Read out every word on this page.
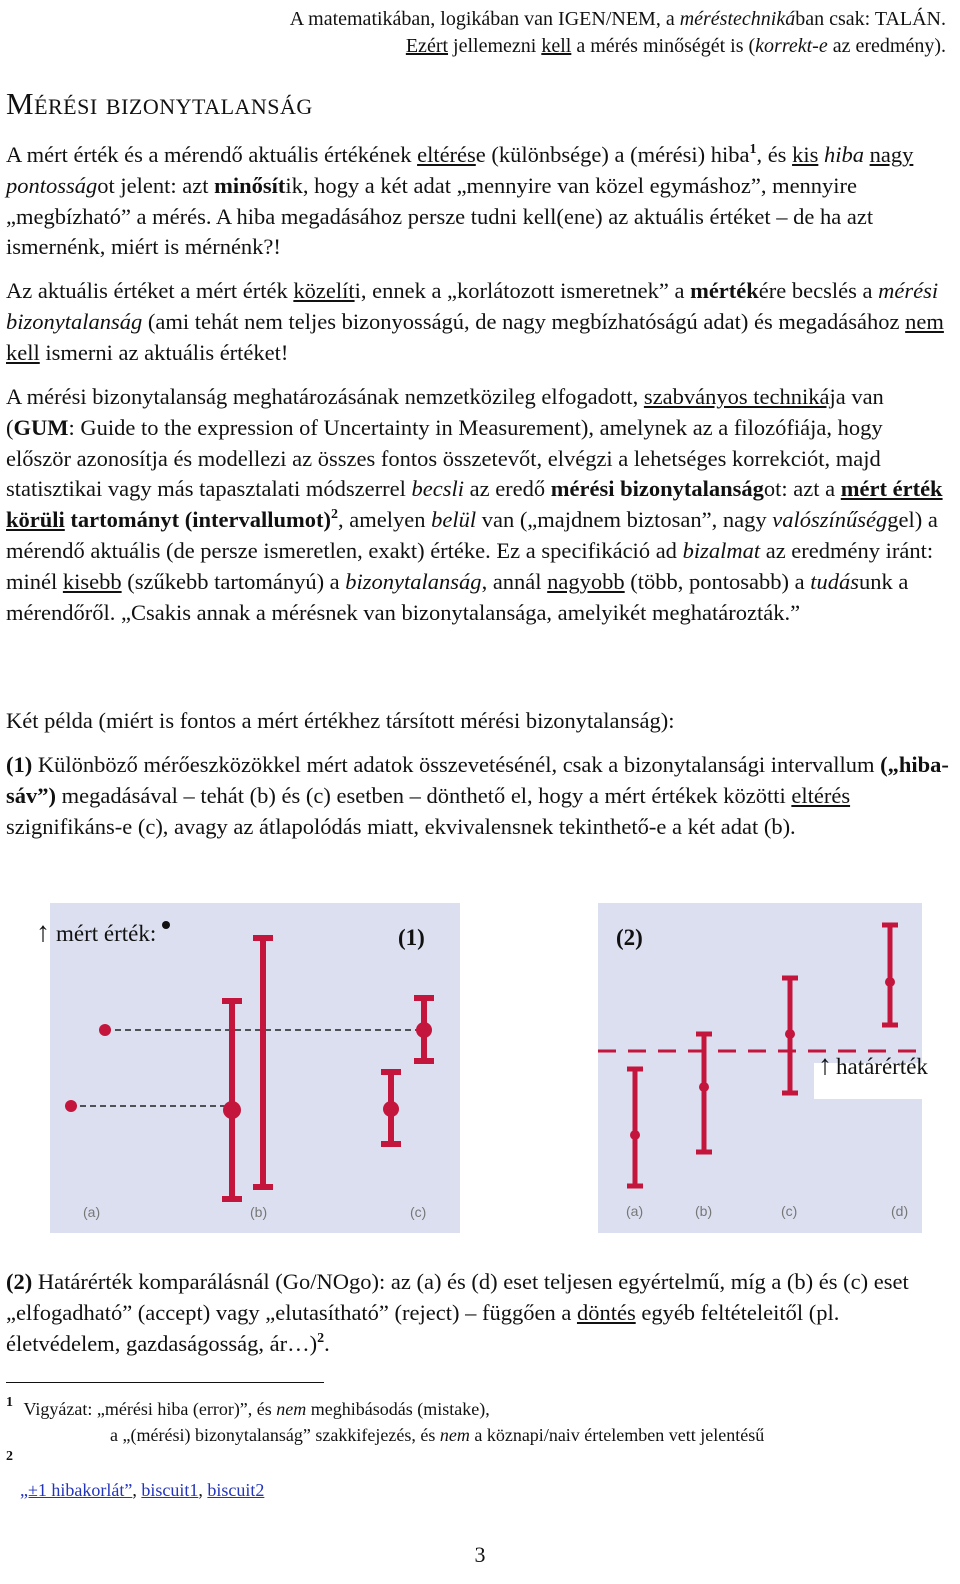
A matematikában, logikában van IGEN/NEM, a méréstechnikában csak: TALÁN.
Ezért jellemezni kell a mérés minőségét is (korrekt-e az eredmény).
Mérési bizonytalanság

A mért érték és a mérendő aktuális értékének eltérése (különbsége) a (mérési) hiba$^1$, és kis hiba nagy pontosságot jelent: azt minősítik, hogy a két adat „mennyire van közel egymáshoz”, mennyire „megbízható” a mérés. A hiba megadásához persze tudni kell(ene) az aktuális értéket – de ha azt ismernénk, miért is mérnénk?!

Az aktuális értéket a mért érték közelíti, ennek a „korlátozott ismeretnek” a mértékére becslés a mérési bizonytalanság (ami tehát nem teljes bizonyosságú, de nagy megbízhatóságú adat) és megadásához nem kell ismerni az aktuális értéket!

A mérési bizonytalanság meghatározásának nemzetközileg elfogadott, szabványos technikája van (GUM: Guide to the expression of Uncertainty in Measurement), amelynek az a filozófiája, hogy először azonosítja és modellezi az összes fontos összetevőt, elvégzi a lehetséges korrekciót, majd statisztikai vagy más tapasztalati módszerrel becsli az eredő mérési bizonytalanságot: azt a mért érték körüli tartományt (intervallumot)$^2$, amelyen belül van („majdnem biztosan”, nagy valószínűséggel) a mérendő aktuális (de persze ismeretlen, exakt) értéke. Ez a specifikáció ad bizalmat az eredmény iránt: minél kisebb (szűkebb tartományú) a bizonytalanság, annál nagyobb (több, pontosabb) a tudásunk a mérendőről. „Csakis annak a mérésnek van bizonytalansága, amelyikét meghatározták.”

Két példa (miért is fontos a mért értékhez társított mérési bizonytalanság):

(1) Különböző mérőeszközökkel mért adatok összevetésénél, csak a bizonytalansági intervallum („hiba-sáv”) megadásával – tehát (b) és (c) esetben – dönthető el, hogy a mért értékek közötti eltérés szignifikáns-e (c), avagy az átlapolódás miatt, ekvivalensnek tekinthető-e a két adat (b).

(a)	(b)	(c)	(a)	(b)	(c)	(d)
↑ mért érték:	(1)	(2)
↑ határérték

(2) Határérték komparálásnál (Go/NOgo): az (a) és (d) eset teljesen egyértelmű, míg a (b) és (c) eset „elfogadható” (accept) vagy „elutasítható” (reject) – függően a döntés egyéb feltételeitől (pl. életvédelem, gazdaságosság, ár…)$^2$.

$^1$ Vigyázat: „mérési hiba (error)”, és nem meghibásodás (mistake),
a „(mérési) bizonytalanság” szakkifejezés, és nem a köznapi/naiv értelemben vett jelentésű
$^2$
„±1 hibakorlát”, biscuit1, biscuit2
3
